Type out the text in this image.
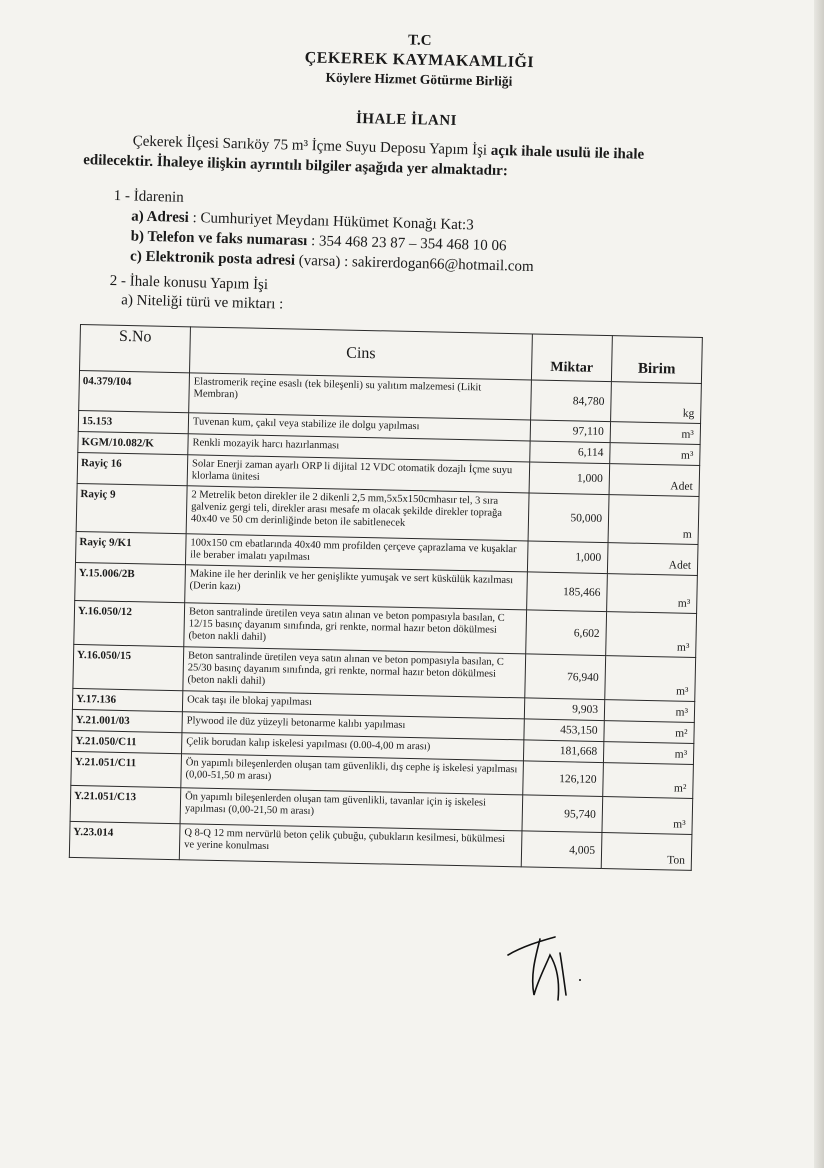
T.C
ÇEKEREK KAYMAKAMLIĞI
Köylere Hizmet Götürme Birliği
İHALE İLANI

Çekerek İlçesi Sarıköy 75 m³ İçme Suyu Deposu Yapım İşi açık ihale usulü ile ihale

edilecektir. İhaleye ilişkin ayrıntılı bilgiler aşağıda yer almaktadır:

1 - İdarenin
a) Adresi : Cumhuriyet Meydanı Hükümet Konağı Kat:3
b) Telefon ve faks numarası : 354 468 23 87 – 354 468 10 06
c) Elektronik posta adresi (varsa) : sakirerdogan66@hotmail.com
2 - İhale konusu Yapım İşi
a) Niteliği türü ve miktarı :
S.No	Cins	Miktar	Birim
04.379/I04	Elastromerik reçine esaslı (tek bileşenli) su yalıtım malzemesi (Likit Membran)	84,780	kg
15.153	Tuvenan kum, çakıl veya stabilize ile dolgu yapılması	97,110	m³
KGM/10.082/K	Renkli mozayik harcı hazırlanması	6,114	m³
Rayiç 16	Solar Enerji zaman ayarlı ORP li dijital 12 VDC otomatik dozajlı İçme suyu klorlama ünitesi	1,000	Adet
Rayiç 9	2 Metrelik beton direkler ile 2 dikenli 2,5 mm,5x5x150cmhasır tel, 3 sıra galveniz gergi teli, direkler arası mesafe m olacak şekilde direkler toprağa 40x40 ve 50 cm derinliğinde beton ile sabitlenecek	50,000	m
Rayiç 9/K1	100x150 cm ebatlarında 40x40 mm profilden çerçeve çaprazlama ve kuşaklar ile beraber imalatı yapılması	1,000	Adet
Y.15.006/2B	Makine ile her derinlik ve her genişlikte yumuşak ve sert küskülük kazılması (Derin kazı)	185,466	m³
Y.16.050/12	Beton santralinde üretilen veya satın alınan ve beton pompasıyla basılan, C 12/15 basınç dayanım sınıfında, gri renkte, normal hazır beton dökülmesi (beton nakli dahil)	6,602	m³
Y.16.050/15	Beton santralinde üretilen veya satın alınan ve beton pompasıyla basılan, C 25/30 basınç dayanım sınıfında, gri renkte, normal hazır beton dökülmesi (beton nakli dahil)	76,940	m³
Y.17.136	Ocak taşı ile blokaj yapılması	9,903	m³
Y.21.001/03	Plywood ile düz yüzeyli betonarme kalıbı yapılması	453,150	m²
Y.21.050/C11	Çelik borudan kalıp iskelesi yapılması (0.00-4,00 m arası)	181,668	m³
Y.21.051/C11	Ön yapımlı bileşenlerden oluşan tam güvenlikli, dış cephe iş iskelesi yapılması (0,00-51,50 m arası)	126,120	m²
Y.21.051/C13	Ön yapımlı bileşenlerden oluşan tam güvenlikli, tavanlar için iş iskelesi yapılması (0,00-21,50 m arası)	95,740	m³
Y.23.014	Q 8-Q 12 mm nervürlü beton çelik çubuğu, çubukların kesilmesi, bükülmesi ve yerine konulması	4,005	Ton
